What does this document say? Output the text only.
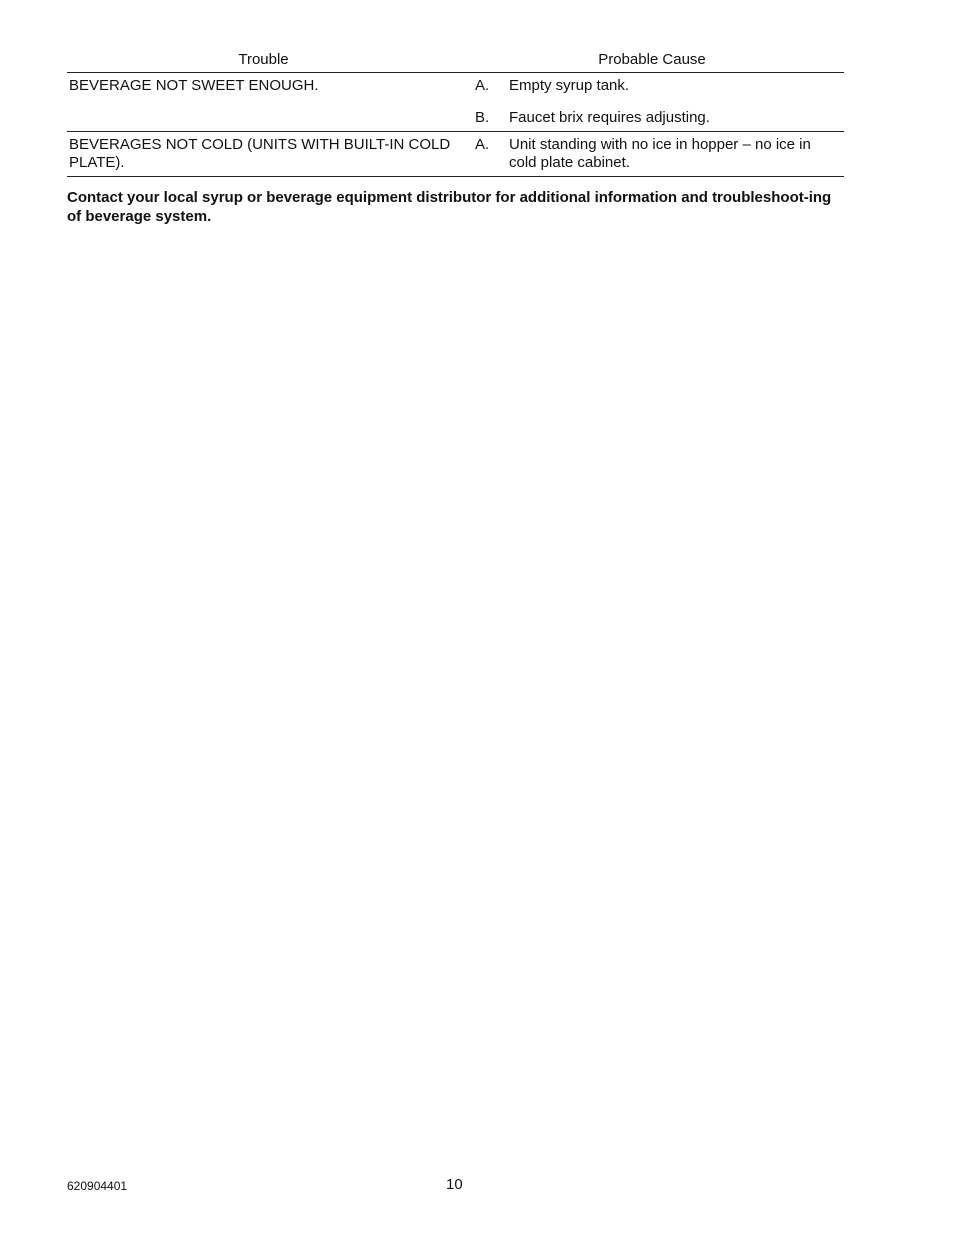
Trouble	Probable Cause	
BEVERAGE NOT SWEET ENOUGH.	A.	Empty syrup tank.
	B.	Faucet brix requires adjusting.
BEVERAGES NOT COLD (UNITS WITH BUILT-IN COLD PLATE).	A.	Unit standing with no ice in hopper – no ice in cold plate cabinet.

Contact your local syrup or beverage equipment distributor for additional information and troubleshoot-ing of beverage system.

620904401	10
